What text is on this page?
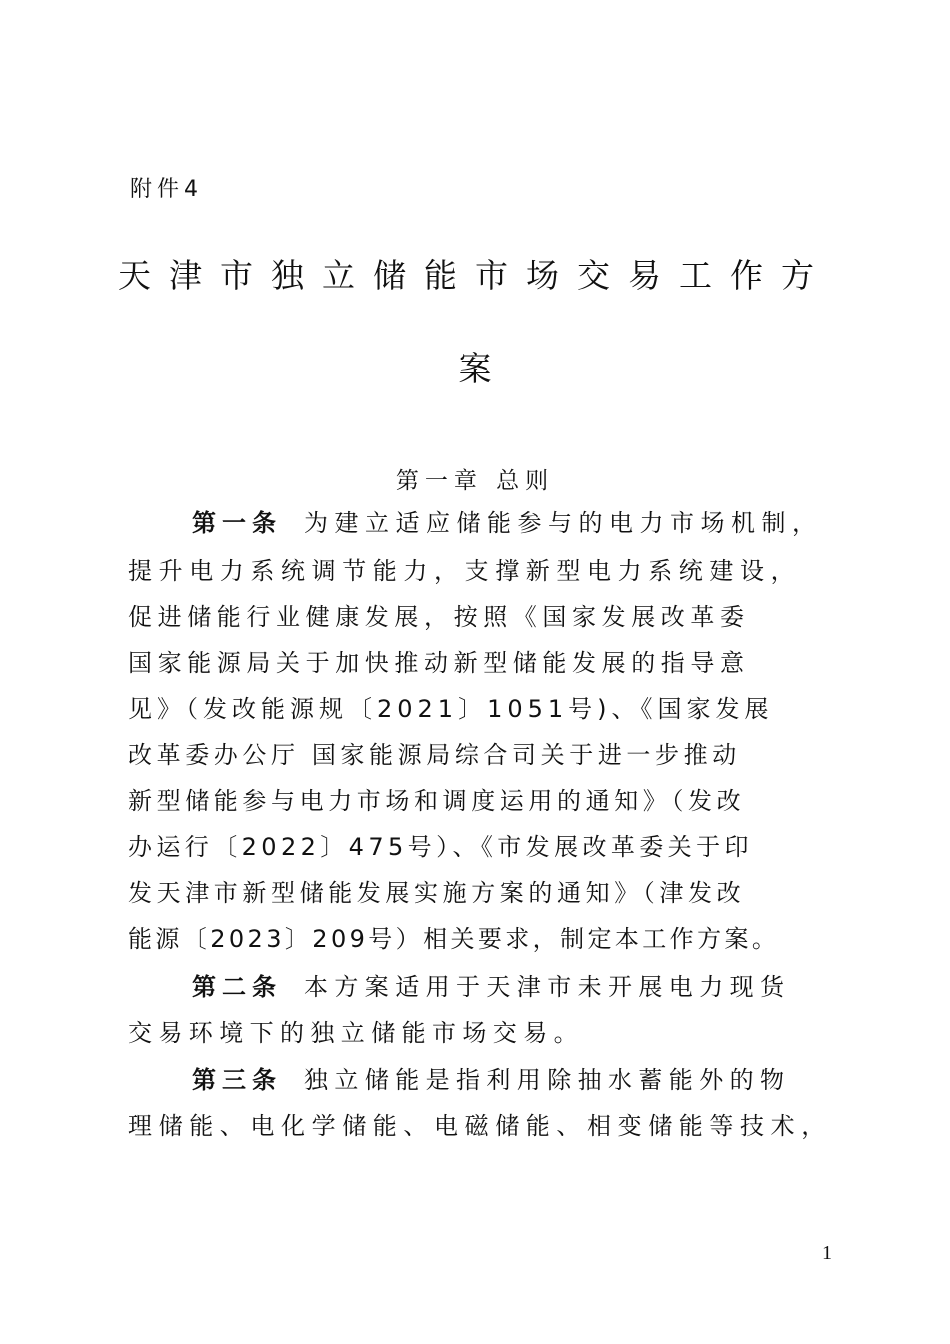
附件4
天津市独立储能市场交易工作方
案
第一章 总则
第一条 为建立适应储能参与的电力市场机制，
提升电力系统调节能力，支撑新型电力系统建设，
促进储能行业健康发展，按照《国家发展改革委
国家能源局关于加快推动新型储能发展的指导意
见》（发改能源规〔2021〕1051号)、《国家发展
改革委办公厅 国家能源局综合司关于进一步推动
新型储能参与电力市场和调度运用的通知》（发改
办运行〔2022〕475号）、《市发展改革委关于印
发天津市新型储能发展实施方案的通知》（津发改
能源〔2023〕209号）相关要求，制定本工作方案。
第二条 本方案适用于天津市未开展电力现货
交易环境下的独立储能市场交易。
第三条 独立储能是指利用除抽水蓄能外的物
理储能、电化学储能、电磁储能、相变储能等技术，
1
